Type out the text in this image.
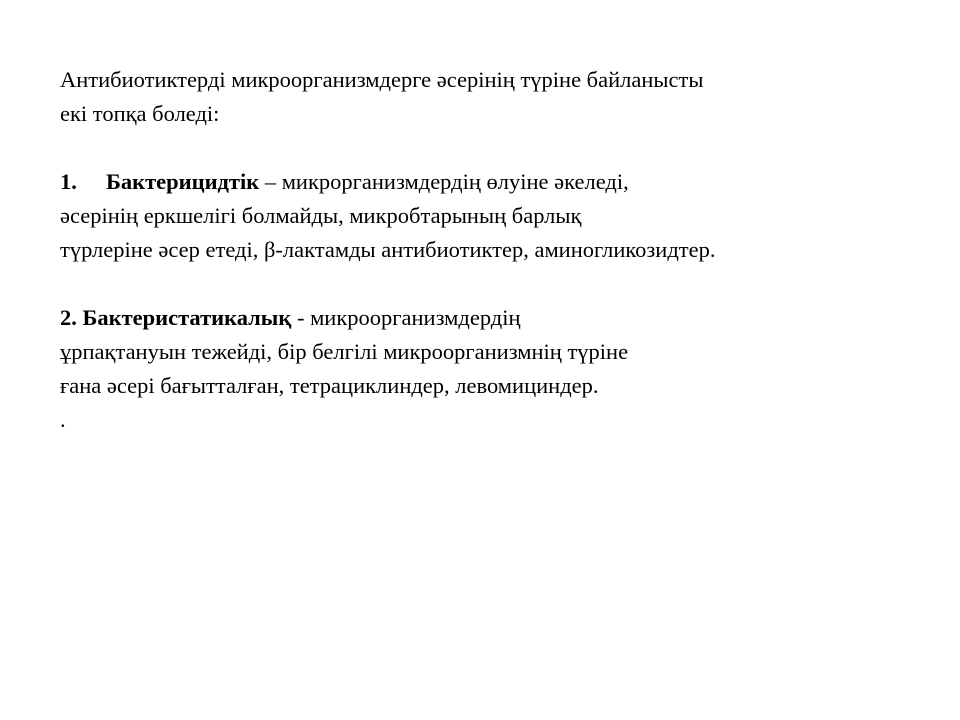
Антибиотиктерді микроорганизмдерге әсерінің түріне байланысты
екі топқа боледі:
1. Бактерицидтік – микрорганизмдердің өлуіне әкеледі,
әсерінің еркшелігі болмайды, микробтарының барлық
түрлеріне әсер етеді, β-лактамды антибиотиктер, аминогликозидтер.
2. Бактеристатикалық - микроорганизмдердің
ұрпақтануын тежейді, бір белгілі микроорганизмнің түріне
ғана әсері бағытталған, тетрациклиндер, левомициндер.
.
